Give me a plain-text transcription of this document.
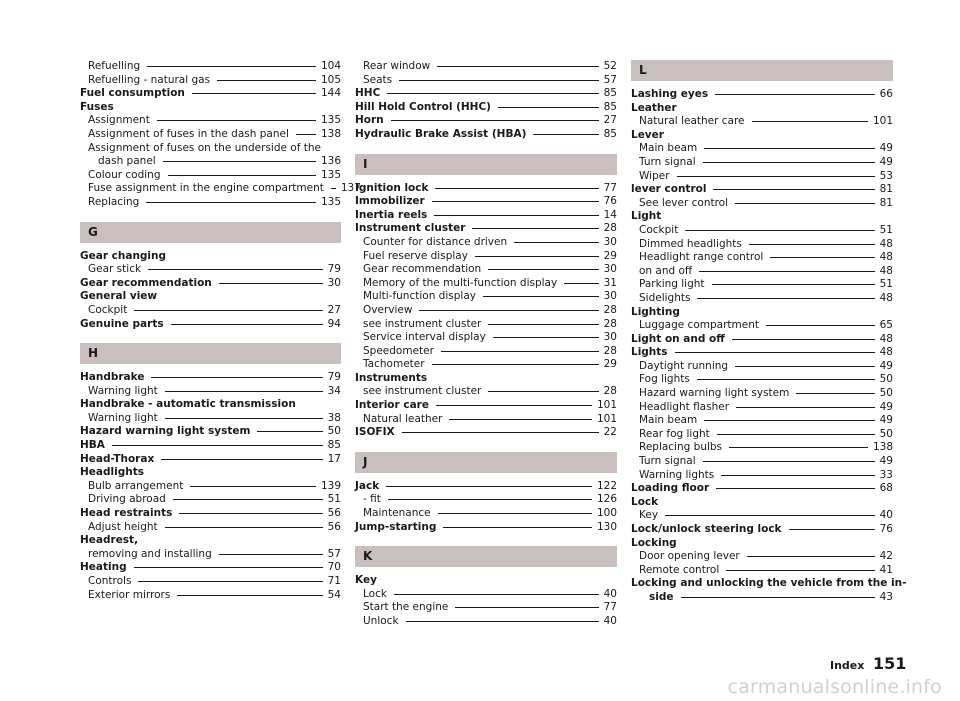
Refuelling	104
Refuelling - natural gas	105
Fuel consumption	144
Fuses
Assignment	135
Assignment of fuses in the dash panel	138
Assignment of fuses on the underside of the
dash panel	136
Colour coding	135
Fuse assignment in the engine compartment 137
Replacing	135
G
Gear changing
Gear stick	79
Gear recommendation	30
General view
Cockpit	27
Genuine parts	94
H
Handbrake	79
Warning light	34
Handbrake - automatic transmission
Warning light	38
Hazard warning light system	50
HBA	85
Head-Thorax	17
Headlights
Bulb arrangement	139
Driving abroad	51
Head restraints	56
Adjust height	56
Headrest,
removing and installing	57
Heating	70
Controls	71
Exterior mirrors	54
Rear window	52
Seats	57
HHC	85
Hill Hold Control (HHC)	85
Horn	27
Hydraulic Brake Assist (HBA)	85
I
Ignition lock	77
Immobilizer	76
Inertia reels	14
Instrument cluster	28
Counter for distance driven	30
Fuel reserve display	29
Gear recommendation	30
Memory of the multi-function display	31
Multi-function display	30
Overview	28
see instrument cluster	28
Service interval display	30
Speedometer	28
Tachometer	29
Instruments
see instrument cluster	28
Interior care	101
Natural leather	101
ISOFIX	22
J
Jack	122
- fit	126
Maintenance	100
Jump-starting	130
K
Key
Lock	40
Start the engine	77
Unlock	40
L
Lashing eyes	66
Leather
Natural leather care	101
Lever
Main beam	49
Turn signal	49
Wiper	53
lever control	81
See lever control	81
Light
Cockpit	51
Dimmed headlights	48
Headlight range control	48
on and off	48
Parking light	51
Sidelights	48
Lighting
Luggage compartment	65
Light on and off	48
Lights	48
Daytight running	49
Fog lights	50
Hazard warning light system	50
Headlight flasher	49
Main beam	49
Rear fog light	50
Replacing bulbs	138
Turn signal	49
Warning lights	33
Loading floor	68
Lock
Key	40
Lock/unlock steering lock	76
Locking
Door opening lever	42
Remote control	41
Locking and unlocking the vehicle from the in-
side	43
Index 151
carmanualsonline.info
